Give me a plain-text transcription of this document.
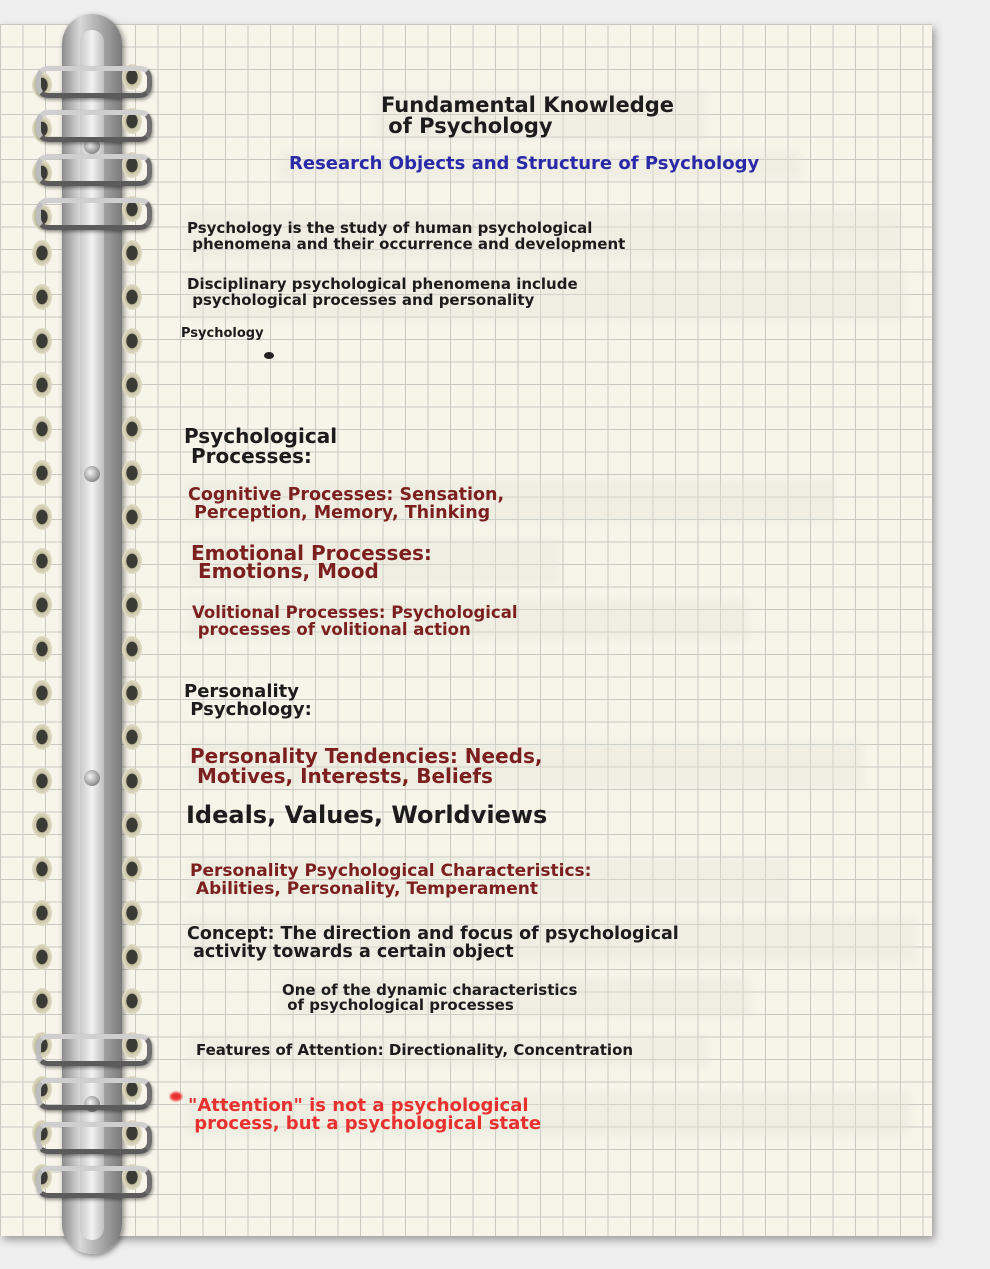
Fundamental Knowledge
of Psychology

Research Objects and Structure of Psychology

Psychology is the study of human psychological
phenomena and their occurrence and development

Disciplinary psychological phenomena include
psychological processes and personality

Psychology

Psychological
Processes:

Cognitive Processes: Sensation,
Perception, Memory, Thinking

Emotional Processes:
Emotions, Mood

Volitional Processes: Psychological
processes of volitional action

Personality
Psychology:

Personality Tendencies: Needs,
Motives, Interests, Beliefs

Ideals, Values, Worldviews

Personality Psychological Characteristics:
Abilities, Personality, Temperament

Concept: The direction and focus of psychological
activity towards a certain object

One of the dynamic characteristics
of psychological processes

Features of Attention: Directionality, Concentration

"Attention" is not a psychological
process, but a psychological state
